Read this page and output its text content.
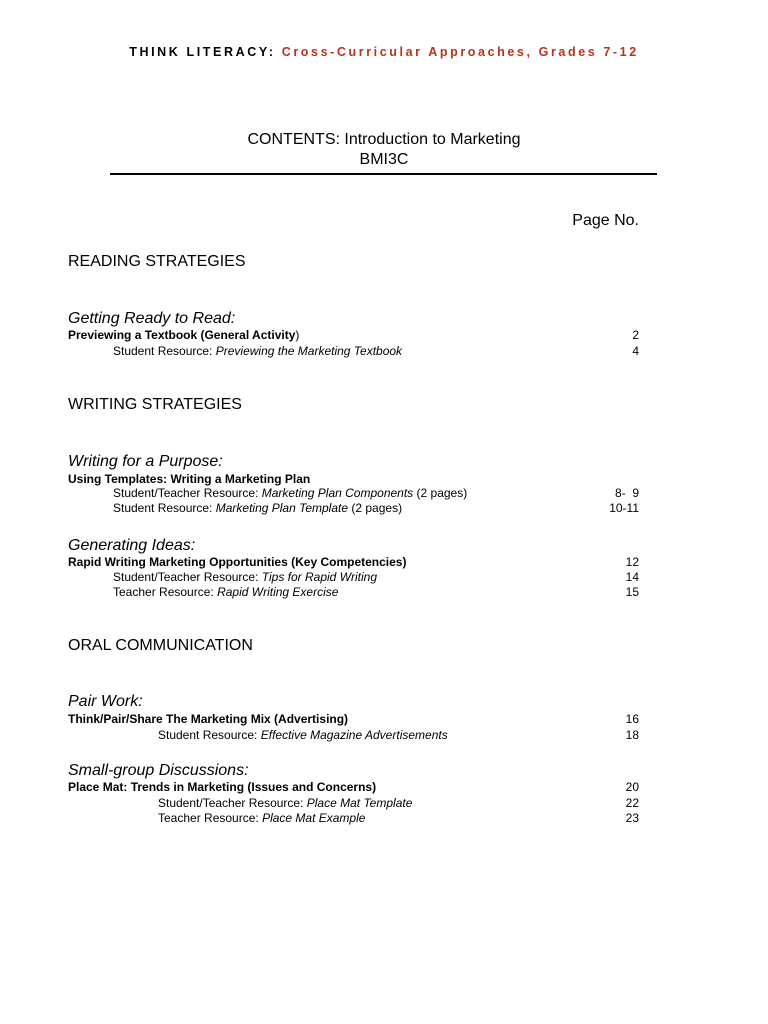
THINK LITERACY: Cross-Curricular Approaches, Grades 7-12
CONTENTS: Introduction to Marketing
BMI3C
Page No.
READING STRATEGIES
Getting Ready to Read:
Previewing a Textbook (General Activity)	2
Student Resource: Previewing the Marketing Textbook	4
WRITING STRATEGIES
Writing for a Purpose:
Using Templates: Writing a Marketing Plan
Student/Teacher Resource: Marketing Plan Components (2 pages)	8-  9
Student Resource: Marketing Plan Template (2 pages)	10-11
Generating Ideas:
Rapid Writing Marketing Opportunities (Key Competencies)	12
Student/Teacher Resource: Tips for Rapid Writing	14
Teacher Resource: Rapid Writing Exercise	15
ORAL COMMUNICATION
Pair Work:
Think/Pair/Share The Marketing Mix (Advertising)	16
Student Resource: Effective Magazine Advertisements	18
Small-group Discussions:
Place Mat: Trends in Marketing (Issues and Concerns)	20
Student/Teacher Resource: Place Mat Template	22
Teacher Resource: Place Mat Example	23
